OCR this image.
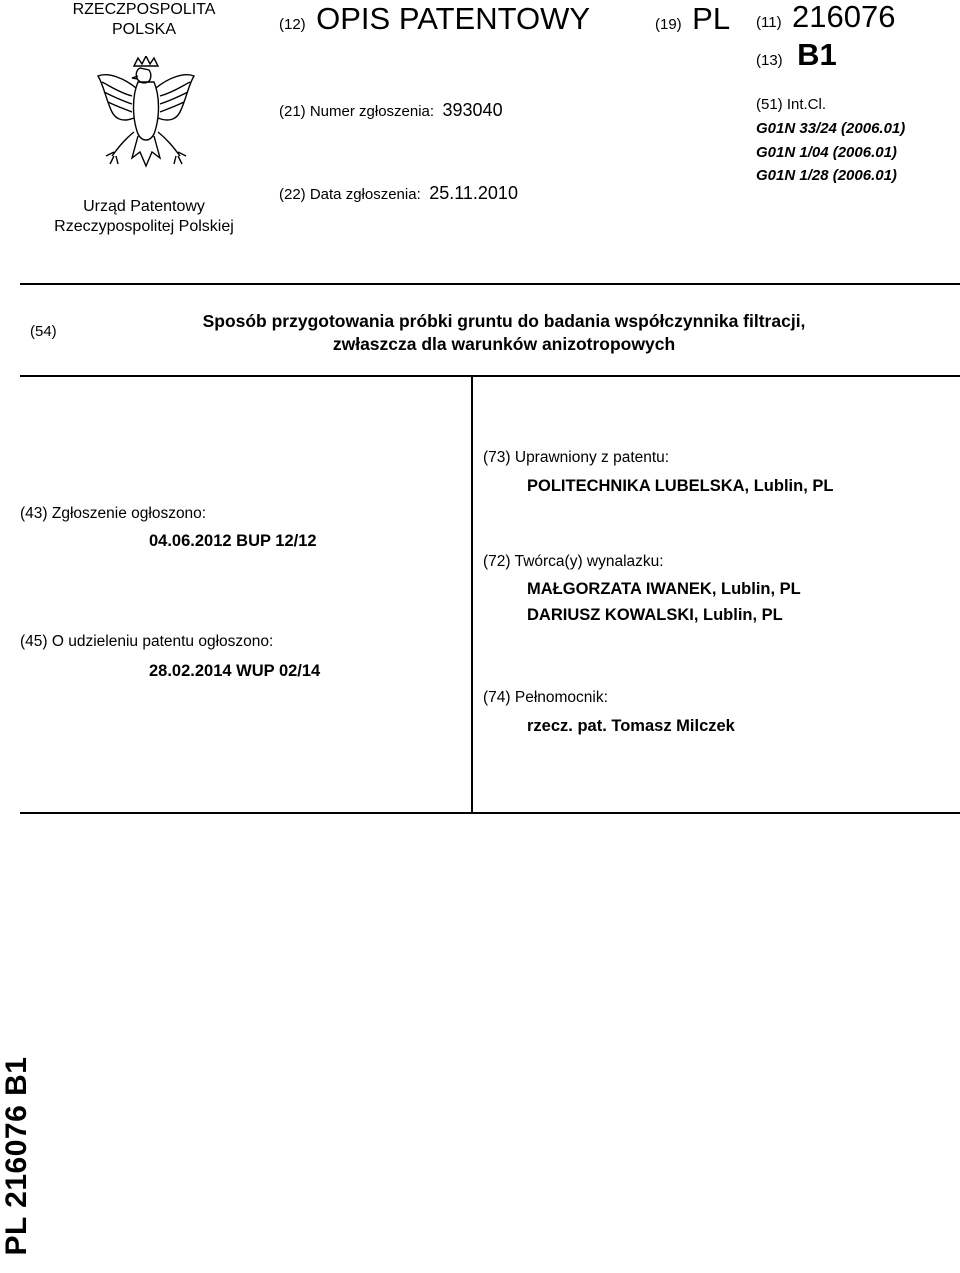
RZECZPOSPOLITA
POLSKA
Urząd Patentowy
Rzeczypospolitej Polskiej
(12) OPIS PATENTOWY	(19) PL
(21) Numer zgłoszenia: 393040
(22) Data zgłoszenia: 25.11.2010
(11) 216076
(13) B1
(51) Int.Cl.
G01N 33/24 (2006.01)
G01N 1/04 (2006.01)
G01N 1/28 (2006.01)
(54)
Sposób przygotowania próbki gruntu do badania współczynnika filtracji,
zwłaszcza dla warunków anizotropowych
(43) Zgłoszenie ogłoszono:
04.06.2012 BUP 12/12
(45) O udzieleniu patentu ogłoszono:
28.02.2014 WUP 02/14
(73) Uprawniony z patentu:
POLITECHNIKA LUBELSKA, Lublin, PL
(72) Twórca(y) wynalazku:
MAŁGORZATA IWANEK, Lublin, PL
DARIUSZ KOWALSKI, Lublin, PL
(74) Pełnomocnik:
rzecz. pat. Tomasz Milczek
PL 216076 B1
